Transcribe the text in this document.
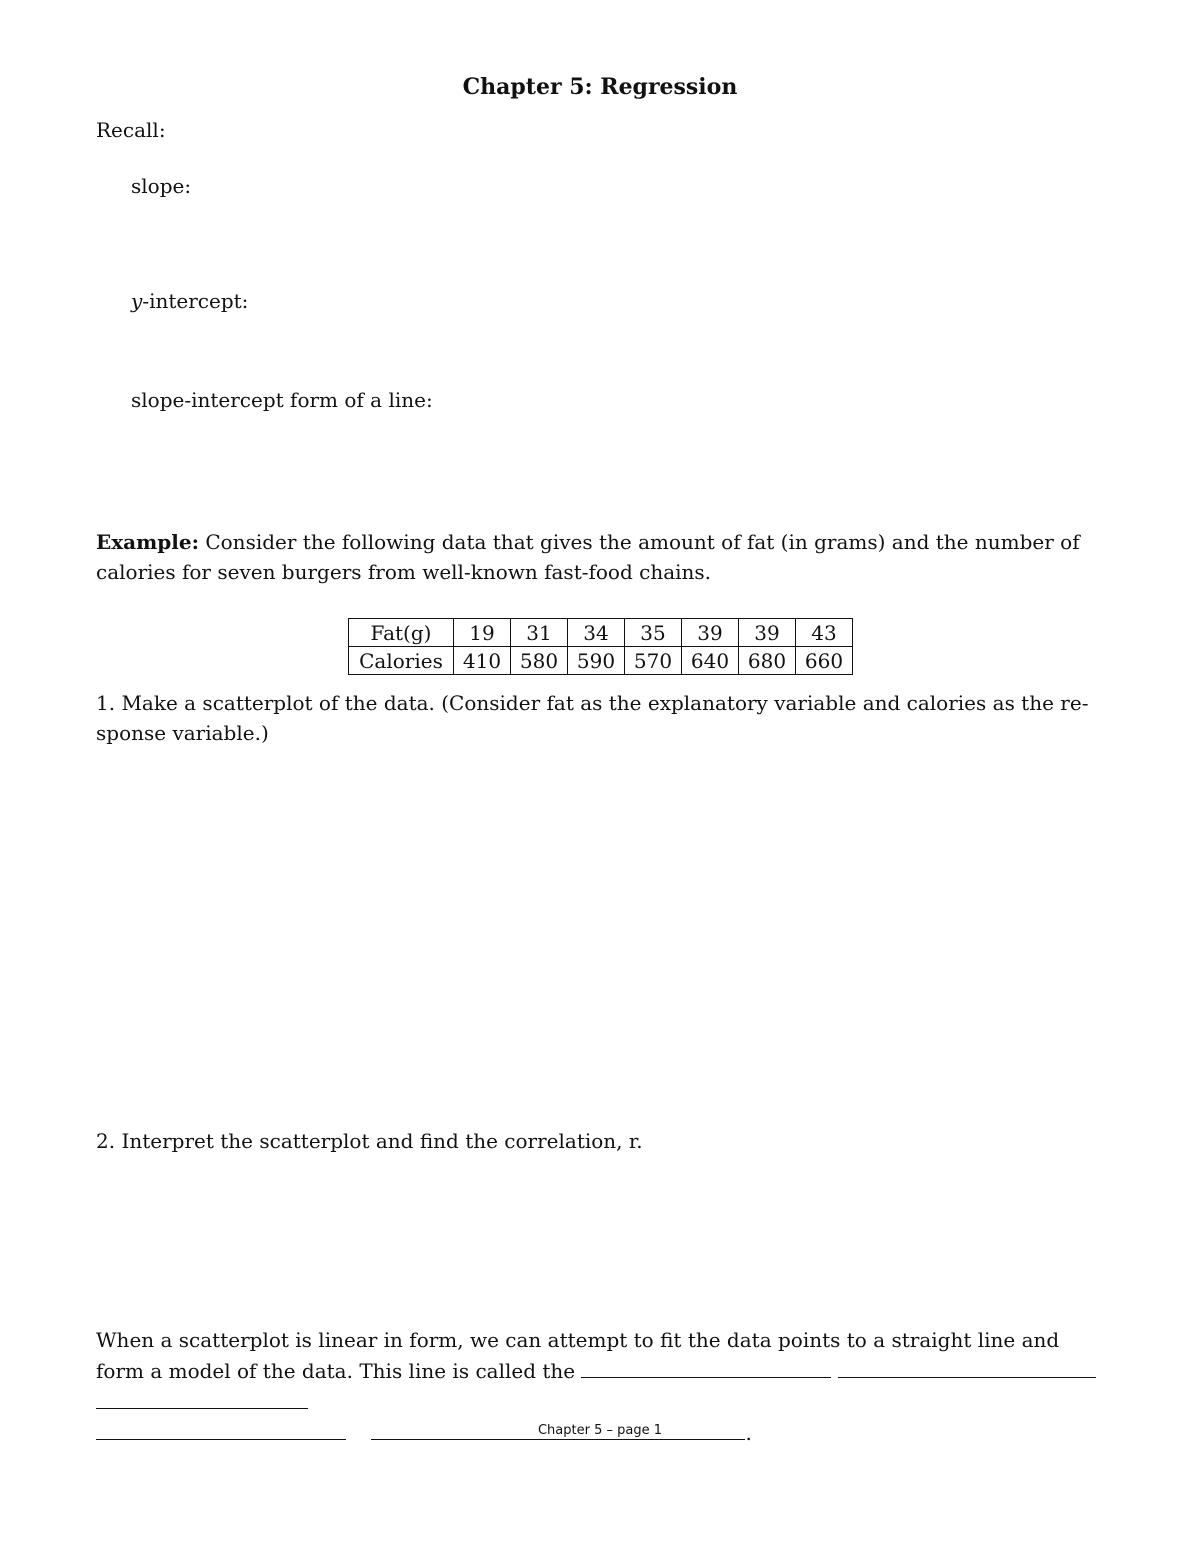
Chapter 5: Regression
Recall:
slope:
y-intercept:
slope-intercept form of a line:
Example: Consider the following data that gives the amount of fat (in grams) and the number of calories for seven burgers from well-known fast-food chains.
Fat(g)	19	31	34	35	39	39	43
Calories	410	580	590	570	640	680	660
1. Make a scatterplot of the data. (Consider fat as the explanatory variable and calories as the re- sponse variable.)
2. Interpret the scatterplot and find the correlation, r.
When a scatterplot is linear in form, we can attempt to fit the data points to a straight line and form a model of the data. This line is called the
.
Chapter 5 – page 1
